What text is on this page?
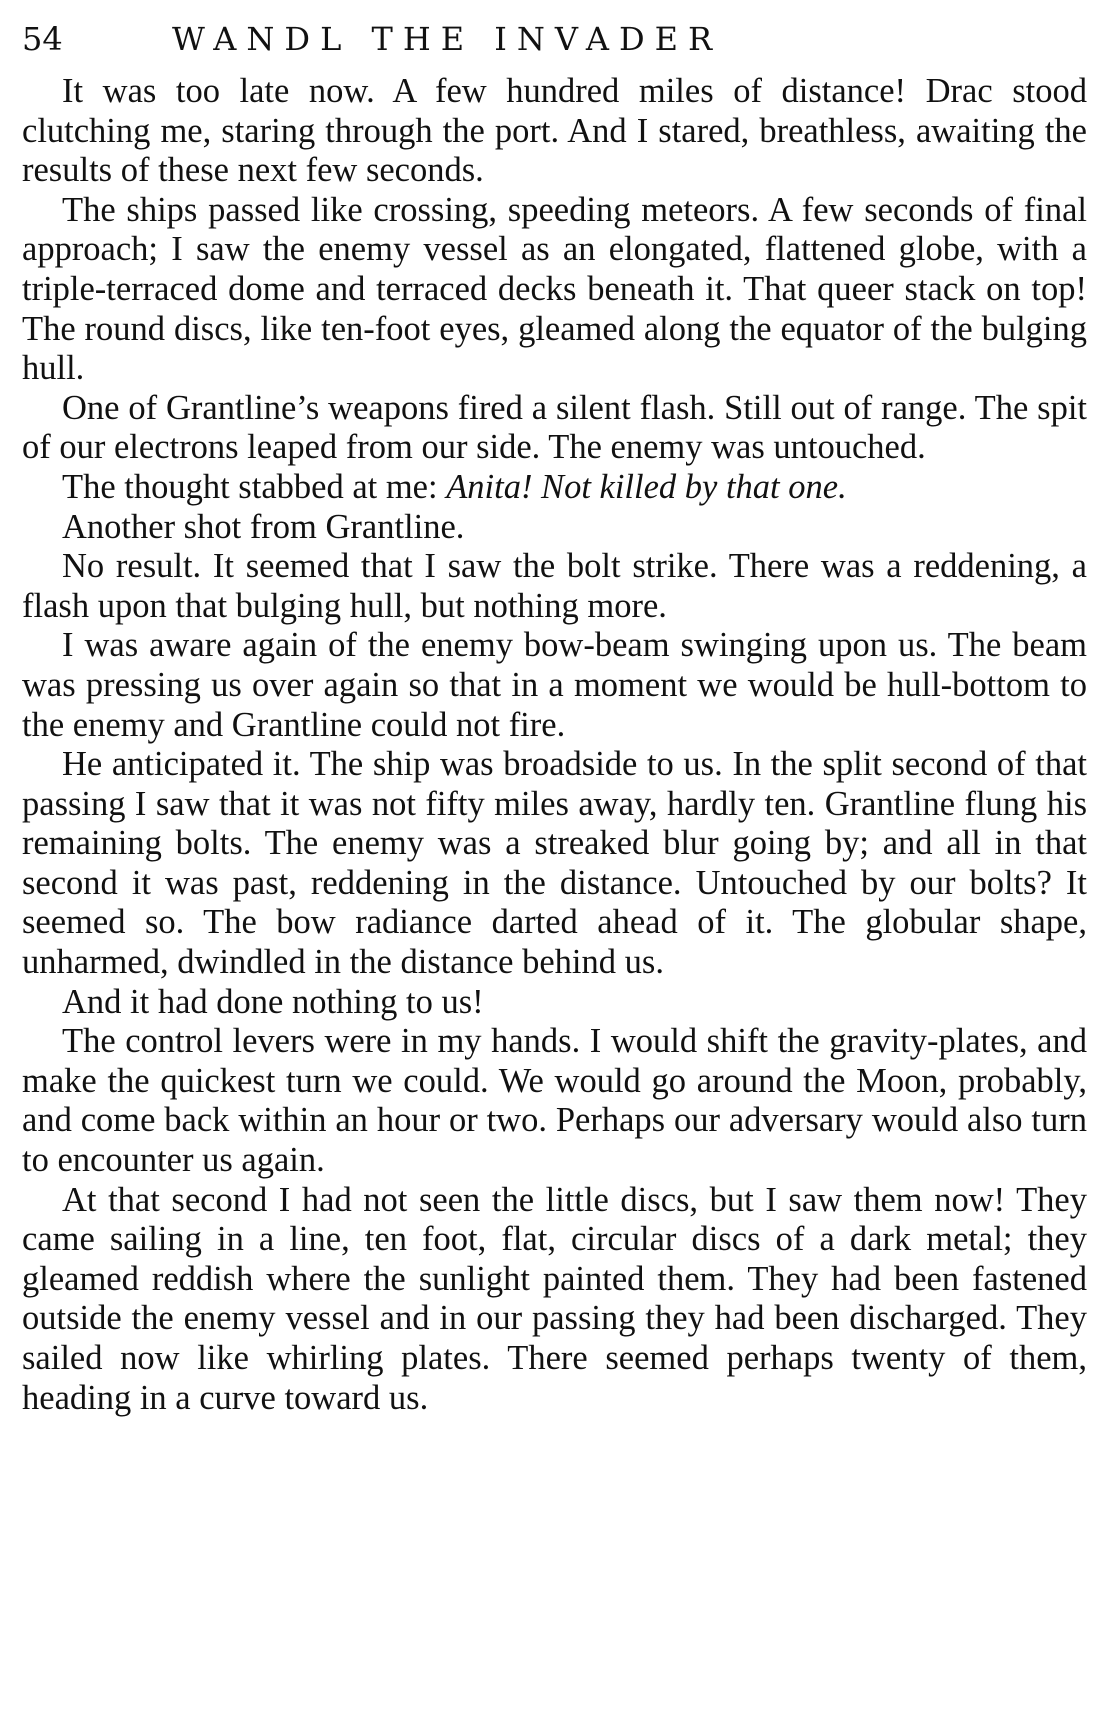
54	WANDL THE INVADER

It was too late now. A few hundred miles of distance! Drac stood clutching me, staring through the port. And I stared, breathless, awaiting the results of these next few seconds.

The ships passed like crossing, speeding meteors. A few seconds of final approach; I saw the enemy vessel as an elongated, flattened globe, with a triple-terraced dome and terraced decks beneath it. That queer stack on top! The round discs, like ten-foot eyes, gleamed along the equator of the bulging hull.

One of Grantline’s weapons fired a silent flash. Still out of range. The spit of our electrons leaped from our side. The enemy was untouched.

The thought stabbed at me: Anita! Not killed by that one.

Another shot from Grantline.

No result. It seemed that I saw the bolt strike. There was a reddening, a flash upon that bulging hull, but nothing more.

I was aware again of the enemy bow-beam swinging upon us. The beam was pressing us over again so that in a moment we would be hull-bottom to the enemy and Grantline could not fire.

He anticipated it. The ship was broadside to us. In the split second of that passing I saw that it was not fifty miles away, hardly ten. Grantline flung his remaining bolts. The enemy was a streaked blur going by; and all in that second it was past, reddening in the distance. Untouched by our bolts? It seemed so. The bow radiance darted ahead of it. The globular shape, unharmed, dwindled in the distance behind us.

And it had done nothing to us!

The control levers were in my hands. I would shift the gravity-plates, and make the quickest turn we could. We would go around the Moon, probably, and come back within an hour or two. Perhaps our adversary would also turn to encounter us again.

At that second I had not seen the little discs, but I saw them now! They came sailing in a line, ten foot, flat, circular discs of a dark metal; they gleamed reddish where the sunlight painted them. They had been fastened outside the enemy vessel and in our passing they had been discharged. They sailed now like whirling plates. There seemed perhaps twenty of them, heading in a curve toward us.
